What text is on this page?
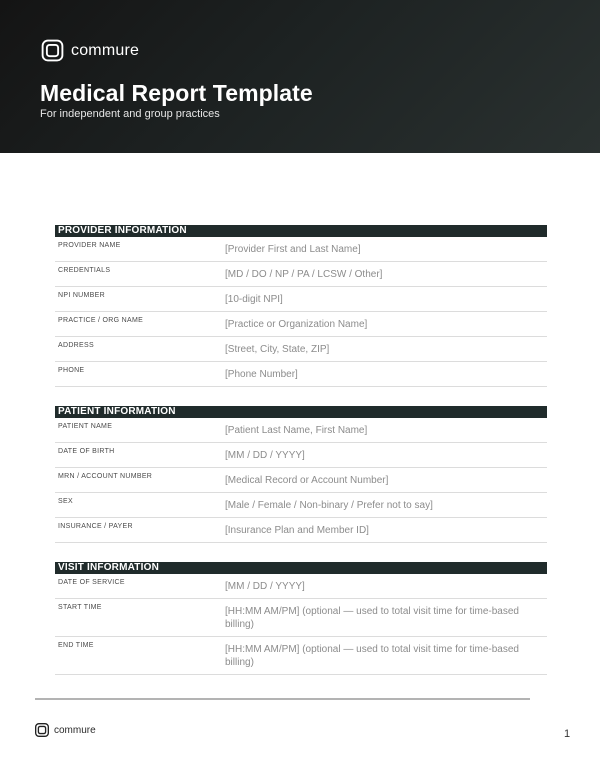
commure
Medical Report Template
For independent and group practices
PROVIDER INFORMATION
PROVIDER NAME	[Provider First and Last Name]
CREDENTIALS	[MD / DO / NP / PA / LCSW / Other]
NPI NUMBER	[10-digit NPI]
PRACTICE / ORG NAME	[Practice or Organization Name]
ADDRESS	[Street, City, State, ZIP]
PHONE	[Phone Number]
PATIENT INFORMATION
PATIENT NAME	[Patient Last Name, First Name]
DATE OF BIRTH	[MM / DD / YYYY]
MRN / ACCOUNT NUMBER	[Medical Record or Account Number]
SEX	[Male / Female / Non-binary / Prefer not to say]
INSURANCE / PAYER	[Insurance Plan and Member ID]
VISIT INFORMATION
DATE OF SERVICE	[MM / DD / YYYY]
START TIME	[HH:MM AM/PM] (optional — used to total visit time for time-based billing)
END TIME	[HH:MM AM/PM] (optional — used to total visit time for time-based billing)
commure	1
